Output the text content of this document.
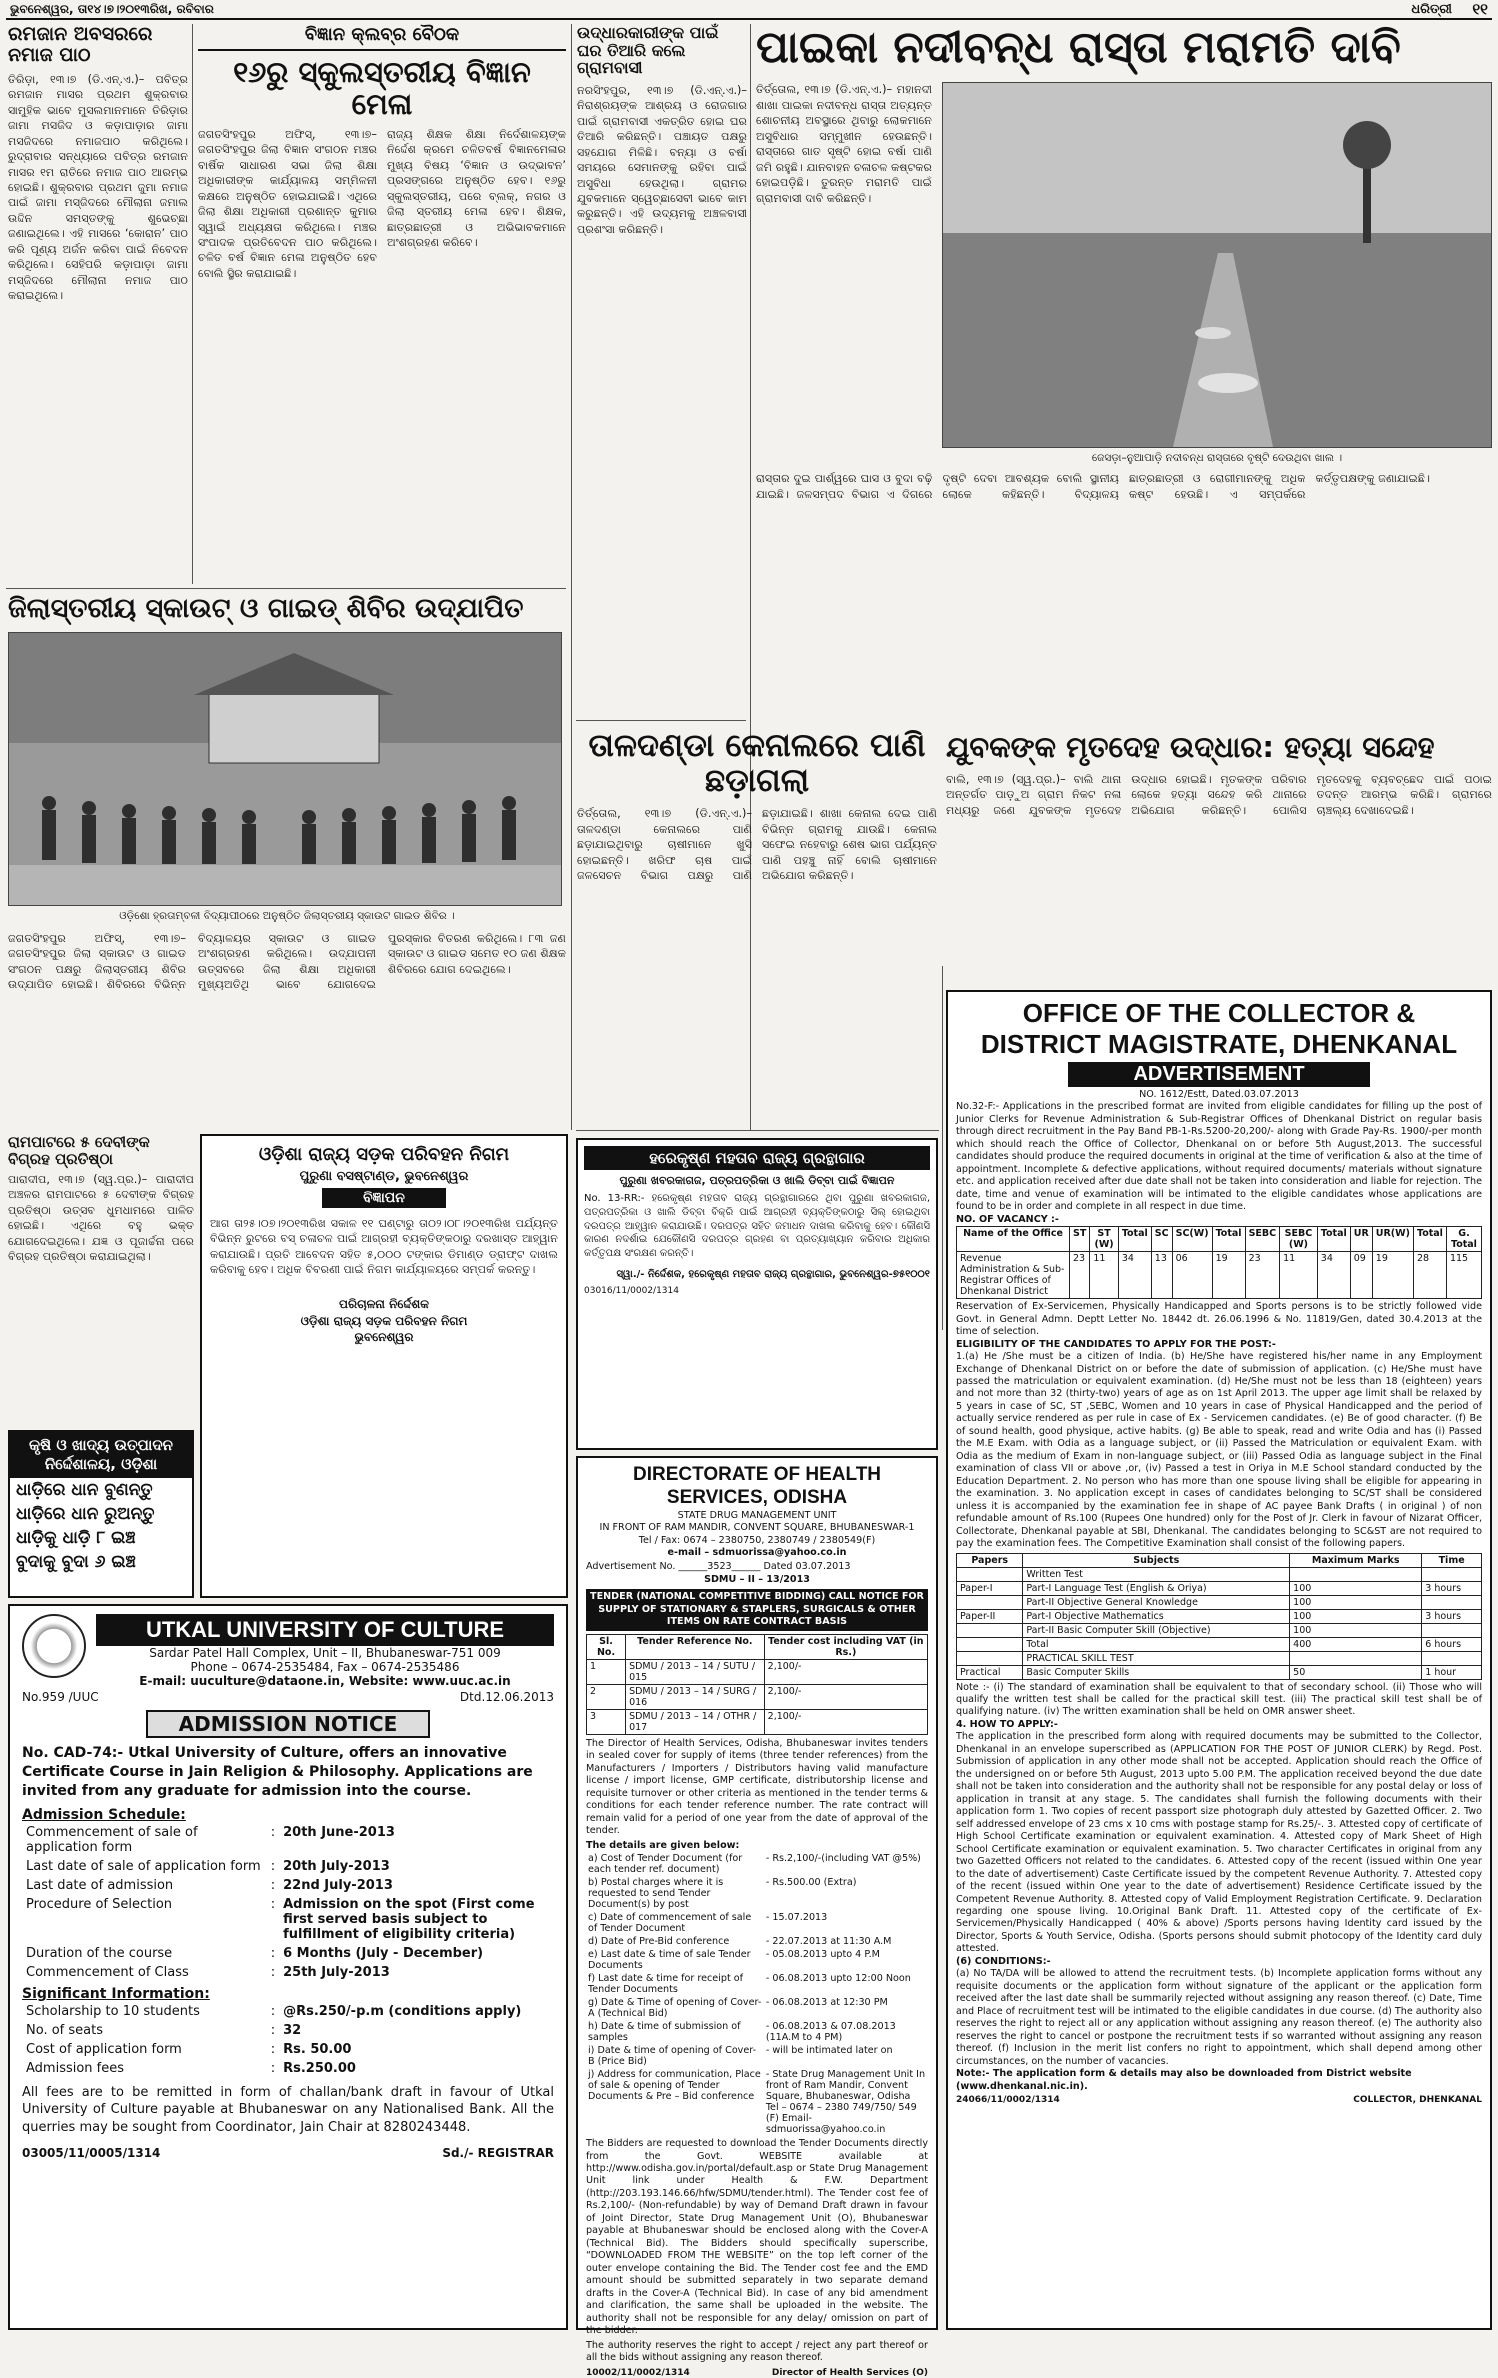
ଭୁବନେଶ୍ୱର, ତା୧୪।୭।୨୦୧୩ରିଖ, ରବିବାର	ଧରିତ୍ରୀ ୧୧
ରମଜାନ ଅବସରରେ ନମାଜ ପାଠ
ତିରିଡ଼ା, ୧୩।୭ (ଡି.ଏନ୍.ଏ.)– ପବିତ୍ର ରମଜାନ ମାସର ପ୍ରଥମ ଶୁକ୍ରବାର ସାମୁହିକ ଭାବେ ମୁସଲମାନମାନେ ତିରିଡ଼ାର ଜାମା ମସଜିଦ ଓ କଡ଼ାପାଡ଼ାର ଜାମା ମସଜିଦରେ ନମାଜପାଠ କରିଥିଲେ। ରୁଦ୍ରାବାର ସନ୍ଧ୍ୟାରେ ପବିତ୍ର ରମଜାନ ମାସର ୧ମ ରାତିରେ ନମାଜ ପାଠ ଆରମ୍ଭ ହୋଇଛି। ଶୁକ୍ରବାର ପ୍ରଥମ ଜୁମା ନମାଜ ପାଇଁ ଜାମା ମସ୍‌ଜିଦରେ ମୌଲାନା ଜମାଲ ଉଦ୍ଦିନ ସମସ୍ତଙ୍କୁ ଶୁଭେଚ୍ଛା ଜଣାଇଥିଲେ। ଏହି ମାସରେ ‘କୋରାନ’ ପାଠ କରି ପୂଣ୍ୟ ଅର୍ଜନ କରିବା ପାଇଁ ନିବେଦନ କରିଥିଲେ। ସେହିପରି କଡ଼ାପାଡ଼ା ଜାମା ମସ୍‌ଜିଦରେ ମୌଲାନା ନମାଜ ପାଠ କରାଇଥିଲେ।
ବିଜ୍ଞାନ କ୍ଲବ୍‌ର ବୈଠକ
୧୬ରୁ ସ୍କୁଲସ୍ତରୀୟ ବିଜ୍ଞାନ ମେଳା
ଜଗତସିଂହପୁର ଅଫିସ୍, ୧୩।୭– ଜଗତସିଂହପୁର ଜିଲା ବିଜ୍ଞାନ ସଂଗଠନ ମଞ୍ଚର ବାର୍ଷିକ ସାଧାରଣ ସଭା ଜିଲା ଶିକ୍ଷା ଅଧିକାରୀଙ୍କ କାର୍ଯ୍ୟାଳୟ ସମ୍ମିଳନୀ କକ୍ଷରେ ଅନୁଷ୍ଠିତ ହୋଇଯାଇଛି। ଏଥିରେ ଜିଲା ଶିକ୍ଷା ଅଧିକାରୀ ପ୍ରଶାନ୍ତ କୁମାର ସ୍ୱାଇଁ ଅଧ୍ୟକ୍ଷତା କରିଥିଲେ। ମଞ୍ଚର ସଂପାଦକ ପ୍ରତିବେଦନ ପାଠ କରିଥିଲେ। ଚଳିତ ବର୍ଷ ବିଜ୍ଞାନ ମେଳା ଅନୁଷ୍ଠିତ ହେବ ବୋଲି ସ୍ଥିର କରାଯାଇଛି।
ରାଜ୍ୟ ଶିକ୍ଷକ ଶିକ୍ଷା ନିର୍ଦେଶାଳୟଙ୍କ ନିର୍ଦ୍ଦେଶ କ୍ରମେ ଚଳିତବର୍ଷ ବିଜ୍ଞାନମେଳାର ମୁଖ୍ୟ ବିଷୟ ‘ବିଜ୍ଞାନ ଓ ଉଦ୍ଭାବନ’ ପ୍ରସଙ୍ଗରେ ଅନୁଷ୍ଠିତ ହେବ। ୧୬ରୁ ସ୍କୁଲସ୍ତରୀୟ, ପରେ ବ୍ଲକ୍, ନଗର ଓ ଜିଲା ସ୍ତରୀୟ ମେଳା ହେବ। ଶିକ୍ଷକ, ଛାତ୍ରଛାତ୍ରୀ ଓ ଅଭିଭାବକମାନେ ଅଂଶଗ୍ରହଣ କରିବେ।
ଜିଲାସ୍ତରୀୟ ସ୍କାଉଟ୍ ଓ ଗାଇଡ୍ ଶିବିର ଉଦ୍‌ଯାପିତ
ଓଡ଼ିଶୋ ହ୍ରତାମ୍ବଳୀ ବିଦ୍ୟାପୀଠରେ ଅନୁଷ୍ଠିତ ଜିଲାସ୍ତରୀୟ ସ୍କାଉଟ ଗାଇଡ ଶିବିର ।
ଜଗତସିଂହପୁର ଅଫିସ୍, ୧୩।୭– ଜଗତସିଂହପୁର ଜିଲା ସ୍କାଉଟ ଓ ଗାଇଡ ସଂଗଠନ ପକ୍ଷରୁ ଜିଲାସ୍ତରୀୟ ଶିବିର ଉଦ୍‌ଯାପିତ ହୋଇଛି। ଶିବିରରେ ବିଭିନ୍ନ ବିଦ୍ୟାଳୟର ସ୍କାଉଟ ଓ ଗାଇଡ ଅଂଶଗ୍ରହଣ କରିଥିଲେ। ଉଦ୍‌ଯାପନୀ ଉତ୍ସବରେ ଜିଲା ଶିକ୍ଷା ଅଧିକାରୀ ମୁଖ୍ୟଅତିଥି ଭାବେ ଯୋଗଦେଇ ପୁରସ୍କାର ବିତରଣ କରିଥିଲେ। ୮୩ ଜଣ ସ୍କାଉଟ ଓ ଗାଇଡ ସମେତ ୧୦ ଜଣ ଶିକ୍ଷକ ଶିବିରରେ ଯୋଗ ଦେଇଥିଲେ।
ଉଦ୍ଧାରକାରୀଙ୍କ ପାଇଁ ଘର ତିଆରି କଲେ ଗ୍ରାମବାସୀ
ନରସିଂହପୁର, ୧୩।୭ (ଡି.ଏନ୍.ଏ.)– ନିରାଶ୍ରୟଙ୍କ ଆଶ୍ରୟ ଓ ରୋଜଗାର ପାଇଁ ଗ୍ରାମବାସୀ ଏକତ୍ରିତ ହୋଇ ଘର ତିଆରି କରିଛନ୍ତି। ପଞ୍ଚାୟତ ପକ୍ଷରୁ ସହଯୋଗ ମିଳିଛି। ବନ୍ୟା ଓ ବର୍ଷା ସମୟରେ ସେମାନଙ୍କୁ ରହିବା ପାଇଁ ଅସୁବିଧା ହେଉଥିଲା। ଗ୍ରାମର ଯୁବକମାନେ ସ୍ୱେଚ୍ଛାସେବୀ ଭାବେ କାମ କରୁଛନ୍ତି। ଏହି ଉଦ୍ୟମକୁ ଅଞ୍ଚଳବାସୀ ପ୍ରଶଂସା କରିଛନ୍ତି।
ପାଇକା ନଦୀବନ୍ଧ ରାସ୍ତା ମରାମତି ଦାବି
ତିର୍ତ୍ତୋଲ, ୧୩।୭ (ଡି.ଏନ୍.ଏ.)– ମହାନଦୀ ଶାଖା ପାଇକା ନଦୀବନ୍ଧ ରାସ୍ତା ଅତ୍ୟନ୍ତ ଶୋଚନୀୟ ଅବସ୍ଥାରେ ଥିବାରୁ ଲୋକମାନେ ଅସୁବିଧାର ସମ୍ମୁଖୀନ ହେଉଛନ୍ତି। ରାସ୍ତାରେ ଗାତ ସୃଷ୍ଟି ହୋଇ ବର୍ଷା ପାଣି ଜମି ରହୁଛି। ଯାନବାହନ ଚଳାଚଳ କଷ୍ଟକର ହୋଇପଡ଼ିଛି। ତୁରନ୍ତ ମରାମତି ପାଇଁ ଗ୍ରାମବାସୀ ଦାବି କରିଛନ୍ତି।
ଜେସଡ଼ା–ନୁଆପାଡ଼ି ନଦୀବନ୍ଧ ରାସ୍ତାରେ ବୃଷ୍ଟି ଦେଉଥିବା ଖାଲ ।
ରାସ୍ତାର ଦୁଇ ପାର୍ଶ୍ୱରେ ଘାସ ଓ ବୁଦା ବଢ଼ି ଯାଇଛି। ଜଳସମ୍ପଦ ବିଭାଗ ଏ ଦିଗରେ ଦୃଷ୍ଟି ଦେବା ଆବଶ୍ୟକ ବୋଲି ସ୍ଥାନୀୟ ଲୋକେ କହିଛନ୍ତି। ବିଦ୍ୟାଳୟ ଛାତ୍ରଛାତ୍ରୀ ଓ ରୋଗୀମାନଙ୍କୁ ଅଧିକ କଷ୍ଟ ହେଉଛି। ଏ ସମ୍ପର୍କରେ କର୍ତ୍ତୃପକ୍ଷଙ୍କୁ ଜଣାଯାଇଛି।
ତାଳଦଣ୍ଡା କେନାଲରେ ପାଣି ଛଡ଼ାଗଲା
ତିର୍ତ୍ତୋଲ, ୧୩।୭ (ଡି.ଏନ୍.ଏ.)– ତାଳଦଣ୍ଡା କେନାଲରେ ପାଣି ଛଡ଼ାଯାଇଥିବାରୁ ଚାଷୀମାନେ ଖୁସି ହୋଇଛନ୍ତି। ଖରିଫ ଚାଷ ପାଇଁ ଜଳସେଚନ ବିଭାଗ ପକ୍ଷରୁ ପାଣି ଛଡ଼ାଯାଇଛି। ଶାଖା କେନାଲ ଦେଇ ପାଣି ବିଭିନ୍ନ ଗ୍ରାମକୁ ଯାଉଛି। କେନାଲ ସଫେଇ ନହେବାରୁ ଶେଷ ଭାଗ ପର୍ଯ୍ୟନ୍ତ ପାଣି ପହଞ୍ଚୁ ନାହିଁ ବୋଲି ଚାଷୀମାନେ ଅଭିଯୋଗ କରିଛନ୍ତି।
ଯୁବକଙ୍କ ମୃତଦେହ ଉଦ୍ଧାର: ହତ୍ୟା ସନ୍ଦେହ
ବାଲି, ୧୩।୭ (ସ୍ୱ.ପ୍ର.)– ବାଲି ଥାନା ଅନ୍ତର୍ଗତ ପାଡ଼ୁଅ ଗ୍ରାମ ନିକଟ ନଳା ମଧ୍ୟରୁ ଜଣେ ଯୁବକଙ୍କ ମୃତଦେହ ଉଦ୍ଧାର ହୋଇଛି। ମୃତକଙ୍କ ପରିବାର ଲୋକେ ହତ୍ୟା ସନ୍ଦେହ କରି ଥାନାରେ ଅଭିଯୋଗ କରିଛନ୍ତି। ପୋଲିସ ମୃତଦେହକୁ ବ୍ୟବଚ୍ଛେଦ ପାଇଁ ପଠାଇ ତଦନ୍ତ ଆରମ୍ଭ କରିଛି। ଗ୍ରାମରେ ଚାଞ୍ଚଲ୍ୟ ଦେଖାଦେଇଛି।
ରାମପାଟରେ ୫ ଦେବୀଙ୍କ ବିଗ୍ରହ ପ୍ରତିଷ୍ଠା
ପାରାଦୀପ, ୧୩।୭ (ସ୍ୱ.ପ୍ର.)– ପାରାଦୀପ ଅଞ୍ଚଳର ରାମପାଟରେ ୫ ଦେବୀଙ୍କ ବିଗ୍ରହ ପ୍ରତିଷ୍ଠା ଉତ୍ସବ ଧୁମଧାମରେ ପାଳିତ ହୋଇଛି। ଏଥିରେ ବହୁ ଭକ୍ତ ଯୋଗଦେଇଥିଲେ। ଯଜ୍ଞ ଓ ପୂଜାର୍ଚ୍ଚନା ପରେ ବିଗ୍ରହ ପ୍ରତିଷ୍ଠା କରାଯାଇଥିଲା।
କୃଷି ଓ ଖାଦ୍ୟ ଉତ୍ପାଦନ ନିର୍ଦ୍ଦେଶାଳୟ, ଓଡ଼ିଶା
ଧାଡ଼ିରେ ଧାନ ବୁଣନ୍ତୁ
ଧାଡ଼ିରେ ଧାନ ରୁଅନ୍ତୁ
ଧାଡ଼ିକୁ ଧାଡ଼ି ୮ ଇଞ୍ଚ
ବୁଦାକୁ ବୁଦା ୬ ଇଞ୍ଚ
ଓଡ଼ିଶା ରାଜ୍ୟ ସଡ଼କ ପରିବହନ ନିଗମ
ପୁରୁଣା ବସଷ୍ଟାଣ୍ଡ, ଭୁବନେଶ୍ୱର
ବିଜ୍ଞାପନ
ଆଗ ତା୨୫।୦୭।୨୦୧୩ରିଖ ସକାଳ ୧୧ ଘଣ୍ଟାରୁ ତା୦୨।୦୮।୨୦୧୩ରିଖ ପର୍ଯ୍ୟନ୍ତ ବିଭିନ୍ନ ରୁଟରେ ବସ୍ ଚଳାଚଳ ପାଇଁ ଆଗ୍ରହୀ ବ୍ୟକ୍ତିଙ୍କଠାରୁ ଦରଖାସ୍ତ ଆହ୍ୱାନ କରାଯାଉଛି। ପ୍ରତି ଆବେଦନ ସହିତ ୫,୦୦୦ ଟଙ୍କାର ଡିମାଣ୍ଡ ଡ୍ରାଫ୍ଟ ଦାଖଲ କରିବାକୁ ହେବ। ଅଧିକ ବିବରଣୀ ପାଇଁ ନିଗମ କାର୍ଯ୍ୟାଳୟରେ ସମ୍ପର୍କ କରନ୍ତୁ।
ପରିଚାଳନା ନିର୍ଦ୍ଦେଶକ
ଓଡ଼ିଶା ରାଜ୍ୟ ସଡ଼କ ପରିବହନ ନିଗମ
ଭୁବନେଶ୍ୱର
ହରେକୃଷ୍ଣ ମହତାବ ରାଜ୍ୟ ଗ୍ରନ୍ଥାଗାର
ପୁରୁଣା ଖବରକାଗଜ, ପତ୍ରପତ୍ରିକା ଓ ଖାଲି ଡିବ୍ବା ପାଇଁ ବିଜ୍ଞାପନ
No. 13-RR:- ହରେକୃଷ୍ଣ ମହତାବ ରାଜ୍ୟ ଗ୍ରନ୍ଥାଗାରରେ ଥିବା ପୁରୁଣା ଖବରକାଗଜ, ପତ୍ରପତ୍ରିକା ଓ ଖାଲି ଡିବ୍ବା ବିକ୍ରି ପାଇଁ ଆଗ୍ରହୀ ବ୍ୟକ୍ତିଙ୍କଠାରୁ ସିଲ୍ ହୋଇଥିବା ଦରପତ୍ର ଆହ୍ୱାନ କରାଯାଉଛି। ଦରପତ୍ର ସହିତ ଜମାଧନ ଦାଖଲ କରିବାକୁ ହେବ। କୌଣସି କାରଣ ନଦର୍ଶାଇ ଯେକୌଣସି ଦରପତ୍ର ଗ୍ରହଣ ବା ପ୍ରତ୍ୟାଖ୍ୟାନ କରିବାର ଅଧିକାର କର୍ତ୍ତୃପକ୍ଷ ସଂରକ୍ଷଣ କରନ୍ତି।
ସ୍ୱା./- ନିର୍ଦ୍ଦେଶକ, ହରେକୃଷ୍ଣ ମହତାବ ରାଜ୍ୟ ଗ୍ରନ୍ଥାଗାର, ଭୁବନେଶ୍ୱର-୭୫୧୦୦୧
03016/11/0002/1314
UTKAL UNIVERSITY OF CULTURE
Sardar Patel Hall Complex, Unit – II, Bhubaneswar-751 009
Phone – 0674-2535484, Fax – 0674-2535486
E-mail: uuculture@dataone.in, Website: www.uuc.ac.in
No.959 /UUC	Dtd.12.06.2013
ADMISSION NOTICE
No. CAD-74:- Utkal University of Culture, offers an innovative Certificate Course in Jain Religion & Philosophy. Applications are invited from any graduate for admission into the course.
Admission Schedule:
Commencement of sale of application form	:	20th June-2013
Last date of sale of application form	:	20th July-2013
Last date of admission	:	22nd July-2013
Procedure of Selection	:	Admission on the spot (First come first served basis subject to fulfillment of eligibility criteria)
Duration of the course	:	6 Months (July - December)
Commencement of Class	:	25th July-2013
Significant Information:
Scholarship to 10 students	:	@Rs.250/-p.m (conditions apply)
No. of seats	:	32
Cost of application form	:	Rs. 50.00
Admission fees	:	Rs.250.00
All fees are to be remitted in form of challan/bank draft in favour of Utkal University of Culture payable at Bhubaneswar on any Nationalised Bank. All the querries may be sought from Coordinator, Jain Chair at 8280243448.
03005/11/0005/1314	Sd./- REGISTRAR
DIRECTORATE OF HEALTH SERVICES, ODISHA
STATE DRUG MANAGEMENT UNIT
IN FRONT OF RAM MANDIR, CONVENT SQUARE, BHUBANESWAR-1
Tel / Fax: 0674 – 2380750, 2380749 / 2380549(F)
e-mail – sdmuorissa@yahoo.co.in
Advertisement No. ______3523______ Dated 03.07.2013
SDMU – II – 13/2013
TENDER (NATIONAL COMPETITIVE BIDDING) CALL NOTICE FOR SUPPLY OF STATIONARY & STAPLERS, SURGICALS & OTHER ITEMS ON RATE CONTRACT BASIS
Sl. No.	Tender Reference No.	Tender cost including VAT (in Rs.)
1	SDMU / 2013 – 14 / SUTU / 015	2,100/-
2	SDMU / 2013 – 14 / SURG / 016	2,100/-
3	SDMU / 2013 – 14 / OTHR / 017	2,100/-
The Director of Health Services, Odisha, Bhubaneswar invites tenders in sealed cover for supply of items (three tender references) from the Manufacturers / Importers / Distributors having valid manufacture license / import license, GMP certificate, distributorship license and requisite turnover or other criteria as mentioned in the tender terms & conditions for each tender reference number. The rate contract will remain valid for a period of one year from the date of approval of the tender.
The details are given below:
a) Cost of Tender Document (for each tender ref. document)	- Rs.2,100/-(including VAT @5%)
b) Postal charges where it is requested to send Tender Document(s) by post	- Rs.500.00 (Extra)
c) Date of commencement of sale of Tender Document	- 15.07.2013
d) Date of Pre-Bid conference	- 22.07.2013 at 11:30 A.M
e) Last date & time of sale Tender Documents	- 05.08.2013 upto 4 P.M
f) Last date & time for receipt of Tender Documents	- 06.08.2013 upto 12:00 Noon
g) Date & Time of opening of Cover-A (Technical Bid)	- 06.08.2013 at 12:30 PM
h) Date & time of submission of samples	- 06.08.2013 & 07.08.2013 (11A.M to 4 PM)
i) Date & time of opening of Cover-B (Price Bid)	- will be intimated later on
j) Address for communication, Place of sale & opening of Tender Documents & Pre – Bid conference	- State Drug Management Unit In front of Ram Mandir, Convent Square, Bhubaneswar, Odisha Tel – 0674 – 2380 749/750/ 549 (F) Email- sdmuorissa@yahoo.co.in
The Bidders are requested to download the Tender Documents directly from the Govt. WEBSITE available at http://www.odisha.gov.in/portal/default.asp or State Drug Management Unit link under Health & F.W. Department (http://203.193.146.66/hfw/SDMU/tender.html). The Tender cost fee of Rs.2,100/- (Non-refundable) by way of Demand Draft drawn in favour of Joint Director, State Drug Management Unit (O), Bhubaneswar payable at Bhubaneswar should be enclosed along with the Cover-A (Technical Bid). The Bidders should specifically superscribe, “DOWNLOADED FROM THE WEBSITE” on the top left corner of the outer envelope containing the Bid. The Tender cost fee and the EMD amount should be submitted separately in two separate demand drafts in the Cover-A (Technical Bid). In case of any bid amendment and clarification, the same shall be uploaded in the website. The authority shall not be responsible for any delay/ omission on part of the bidder.
The authority reserves the right to accept / reject any part thereof or all the bids without assigning any reason thereof.
10002/11/0002/1314	Director of Health Services (O)
OFFICE OF THE COLLECTOR &
DISTRICT MAGISTRATE, DHENKANAL
ADVERTISEMENT
NO. 1612/Estt, Dated.03.07.2013
No.32-F:- Applications in the prescribed format are invited from eligible candidates for filling up the post of Junior Clerks for Revenue Administration & Sub-Registrar Offices of Dhenkanal District on regular basis through direct recruitment in the Pay Band PB-1-Rs.5200-20,200/- along with Grade Pay-Rs. 1900/-per month which should reach the Office of Collector, Dhenkanal on or before 5th August,2013. The successful candidates should produce the required documents in original at the time of verification & also at the time of appointment. Incomplete & defective applications, without required documents/ materials without signature etc. and application received after due date shall not be taken into consideration and liable for rejection. The date, time and venue of examination will be intimated to the eligible candidates whose applications are found to be in order and complete in all respect in due time.
NO. OF VACANCY :-
Name of the Office	ST	ST (W)	Total	SC	SC(W)	Total	SEBC	SEBC (W)	Total	UR	UR(W)	Total	G. Total
Revenue Administration & Sub-Registrar Offices of Dhenkanal District	23	11	34	13	06	19	23	11	34	09	19	28	115
Reservation of Ex-Servicemen, Physically Handicapped and Sports persons is to be strictly followed vide Govt. in General Admn. Deptt Letter No. 18442 dt. 26.06.1996 & No. 11819/Gen, dated 30.4.2013 at the time of selection.
ELIGIBILITY OF THE CANDIDATES TO APPLY FOR THE POST:-
1.(a) He /She must be a citizen of India. (b) He/She have registered his/her name in any Employment Exchange of Dhenkanal District on or before the date of submission of application. (c) He/She must have passed the matriculation or equivalent examination. (d) He/She must not be less than 18 (eighteen) years and not more than 32 (thirty-two) years of age as on 1st April 2013. The upper age limit shall be relaxed by 5 years in case of SC, ST ,SEBC, Women and 10 years in case of Physical Handicapped and the period of actually service rendered as per rule in case of Ex - Servicemen candidates. (e) Be of good character. (f) Be of sound health, good physique, active habits. (g) Be able to speak, read and write Odia and has (i) Passed the M.E Exam. with Odia as a language subject, or (ii) Passed the Matriculation or equivalent Exam. with Odia as the medium of Exam in non-language subject, or (iii) Passed Odia as language subject in the Final examination of class VII or above ,or, (iv) Passed a test in Oriya in M.E School standard conducted by the Education Department. 2. No person who has more than one spouse living shall be eligible for appearing in the examination. 3. No application except in cases of candidates belonging to SC/ST shall be considered unless it is accompanied by the examination fee in shape of AC payee Bank Drafts ( in original ) of non refundable amount of Rs.100 (Rupees One hundred) only for the Post of Jr. Clerk in favour of Nizarat Officer, Collectorate, Dhenkanal payable at SBI, Dhenkanal. The candidates belonging to SC&ST are not required to pay the examination fees. The Competitive Examination shall consist of the following papers.
Papers	Subjects	Maximum Marks	Time
	Written Test		
Paper-I	Part-I Language Test (English & Oriya)	100	3 hours
	Part-II Objective General Knowledge	100	
Paper-II	Part-I Objective Mathematics	100	3 hours
	Part-II Basic Computer Skill (Objective)	100	
	Total	400	6 hours
	PRACTICAL SKILL TEST		
Practical	Basic Computer Skills	50	1 hour
Note :- (i) The standard of examination shall be equivalent to that of secondary school. (ii) Those who will qualify the written test shall be called for the practical skill test. (iii) The practical skill test shall be of qualifying nature. (iv) The written examination shall be held on OMR answer sheet.
4. HOW TO APPLY:-
The application in the prescribed form along with required documents may be submitted to the Collector, Dhenkanal in an envelope superscribed as (APPLICATION FOR THE POST OF JUNIOR CLERK) by Regd. Post. Submission of application in any other mode shall not be accepted. Application should reach the Office of the undersigned on or before 5th August, 2013 upto 5.00 P.M. The application received beyond the due date shall not be taken into consideration and the authority shall not be responsible for any postal delay or loss of application in transit at any stage. 5. The candidates shall furnish the following documents with their application form 1. Two copies of recent passport size photograph duly attested by Gazetted Officer. 2. Two self addressed envelope of 23 cms x 10 cms with postage stamp for Rs.25/-. 3. Attested copy of certificate of High School Certificate examination or equivalent examination. 4. Attested copy of Mark Sheet of High School Certificate examination or equivalent examination. 5. Two character Certificates in original from any two Gazetted Officers not related to the candidates. 6. Attested copy of the recent (issued within One year to the date of advertisement) Caste Certificate issued by the competent Revenue Authority. 7. Attested copy of the recent (issued within One year to the date of advertisement) Residence Certificate issued by the Competent Revenue Authority. 8. Attested copy of Valid Employment Registration Certificate. 9. Declaration regarding one spouse living. 10.Original Bank Draft. 11. Attested copy of the certificate of Ex-Servicemen/Physically Handicapped ( 40% & above) /Sports persons having Identity card issued by the Director, Sports & Youth Service, Odisha. (Sports persons should submit photocopy of the Identity card duly attested.
(6) CONDITIONS:-
(a) No TA/DA will be allowed to attend the recruitment tests. (b) Incomplete application forms without any requisite documents or the application form without signature of the applicant or the application form received after the last date shall be summarily rejected without assigning any reason thereof. (c) Date, Time and Place of recruitment test will be intimated to the eligible candidates in due course. (d) The authority also reserves the right to reject all or any application without assigning any reason thereof. (e) The authority also reserves the right to cancel or postpone the recruitment tests if so warranted without assigning any reason thereof. (f) Inclusion in the merit list confers no right to appointment, which shall depend among other circumstances, on the number of vacancies.
Note:- The application form & details may also be downloaded from District website (www.dhenkanal.nic.in).
24066/11/0002/1314	COLLECTOR, DHENKANAL
